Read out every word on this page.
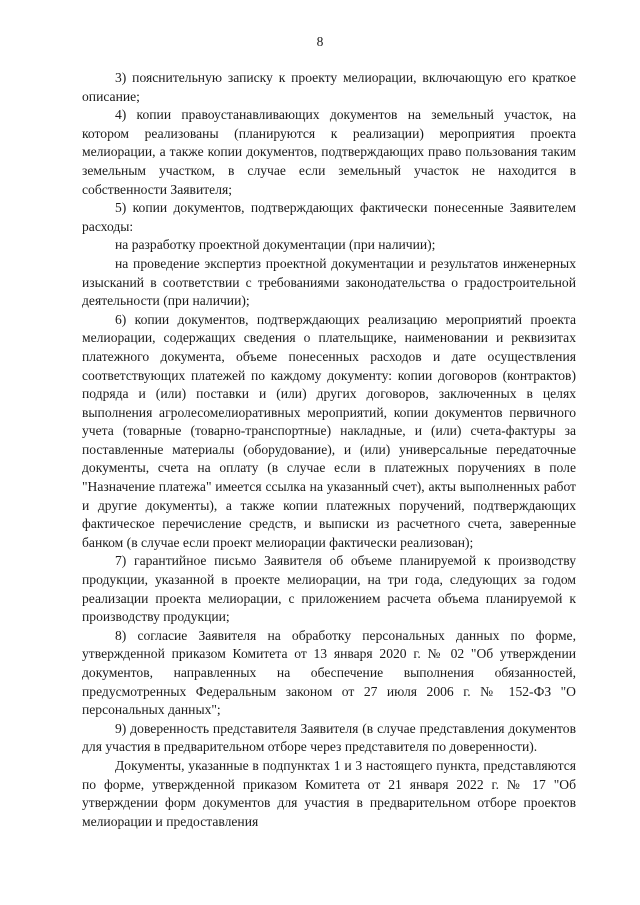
8

3) пояснительную записку к проекту мелиорации, включающую его краткое описание;

4) копии правоустанавливающих документов на земельный участок, на котором реализованы (планируются к реализации) мероприятия проекта мелиорации, а также копии документов, подтверждающих право пользования таким земельным участком, в случае если земельный участок не находится в собственности Заявителя;

5) копии документов, подтверждающих фактически понесенные Заявителем расходы:

на разработку проектной документации (при наличии);

на проведение экспертиз проектной документации и результатов инженерных изысканий в соответствии с требованиями законодательства о градостроительной деятельности (при наличии);

6) копии документов, подтверждающих реализацию мероприятий проекта мелиорации, содержащих сведения о плательщике, наименовании и реквизитах платежного документа, объеме понесенных расходов и дате осуществления соответствующих платежей по каждому документу: копии договоров (контрактов) подряда и (или) поставки и (или) других договоров, заключенных в целях выполнения агролесомелиоративных мероприятий, копии документов первичного учета (товарные (товарно-транспортные) накладные, и (или) счета-фактуры за поставленные материалы (оборудование), и (или) универсальные передаточные документы, счета на оплату (в случае если в платежных поручениях в поле "Назначение платежа" имеется ссылка на указанный счет), акты выполненных работ и другие документы), а также копии платежных поручений, подтверждающих фактическое перечисление средств, и выписки из расчетного счета, заверенные банком (в случае если проект мелиорации фактически реализован);

7) гарантийное письмо Заявителя об объеме планируемой к производству продукции, указанной в проекте мелиорации, на три года, следующих за годом реализации проекта мелиорации, с приложением расчета объема планируемой к производству продукции;

8) согласие Заявителя на обработку персональных данных по форме, утвержденной приказом Комитета от 13 января 2020 г. № 02 "Об утверждении документов, направленных на обеспечение выполнения обязанностей, предусмотренных Федеральным законом от 27 июля 2006 г. № 152-ФЗ "О персональных данных";

9) доверенность представителя Заявителя (в случае представления документов для участия в предварительном отборе через представителя по доверенности).

Документы, указанные в подпунктах 1 и 3 настоящего пункта, представляются по форме, утвержденной приказом Комитета от 21 января 2022 г. № 17 "Об утверждении форм документов для участия в предварительном отборе проектов мелиорации и предоставления
